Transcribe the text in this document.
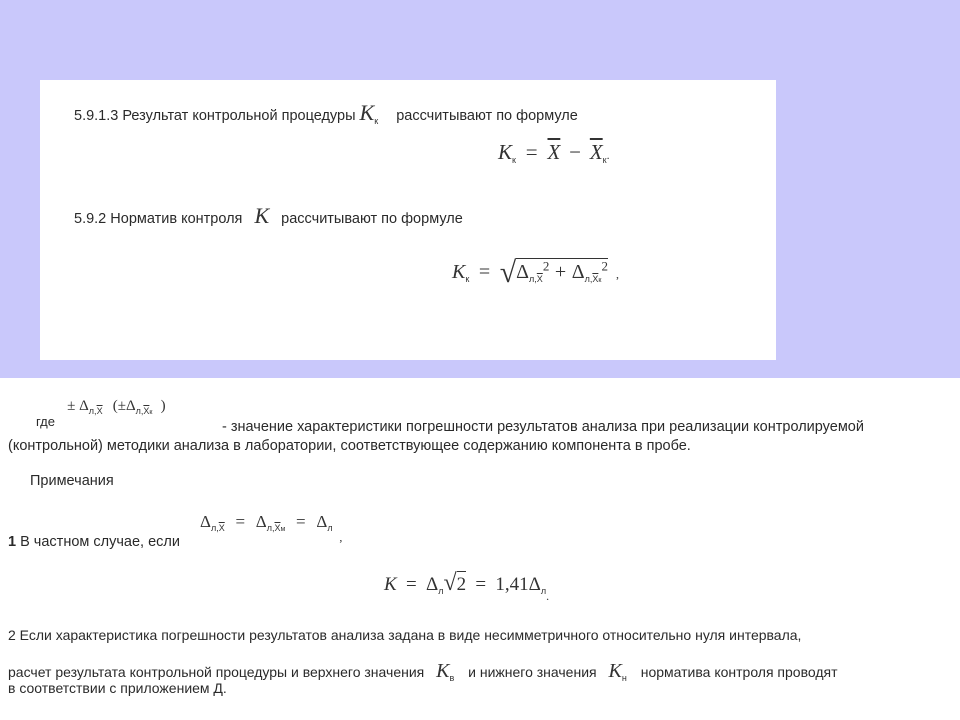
5.9.1.3 Результат контрольной процедуры $K_к$ рассчитывают по формуле
Kк = $\overline{X} - \overline{X}к$.
5.9.2 Норматив контроля K рассчитывают по формуле
$K_к = √\Delta_{л,\overline{X}}^2 + \Delta_{л,\overline{X}к}^2$,
где ± $\Delta_{л,\overline{X}}$ ($\pm\Delta_{л,\overline{X}к}$ )
- значение характеристики погрешности результатов анализа при реализации контролируемой
(контрольной) методики анализа в лаборатории, соответствующее содержанию компонента в пробе.
Примечания
1 В частном случае, если
$\Delta_{л,\overline{X}} = \Delta_{л,\overline{X}м} = \Delta_л$ $_,$
$K = \Delta_л√2 = 1,41\Delta_{л.}$
2 Если характеристика погрешности результатов анализа задана в виде несимметричного относительно нуля интервала,
расчет результата контрольной процедуры и верхнего значения $K_в$ и нижнего значения $K_н$ норматива контроля проводят
в соответствии с приложением Д.
